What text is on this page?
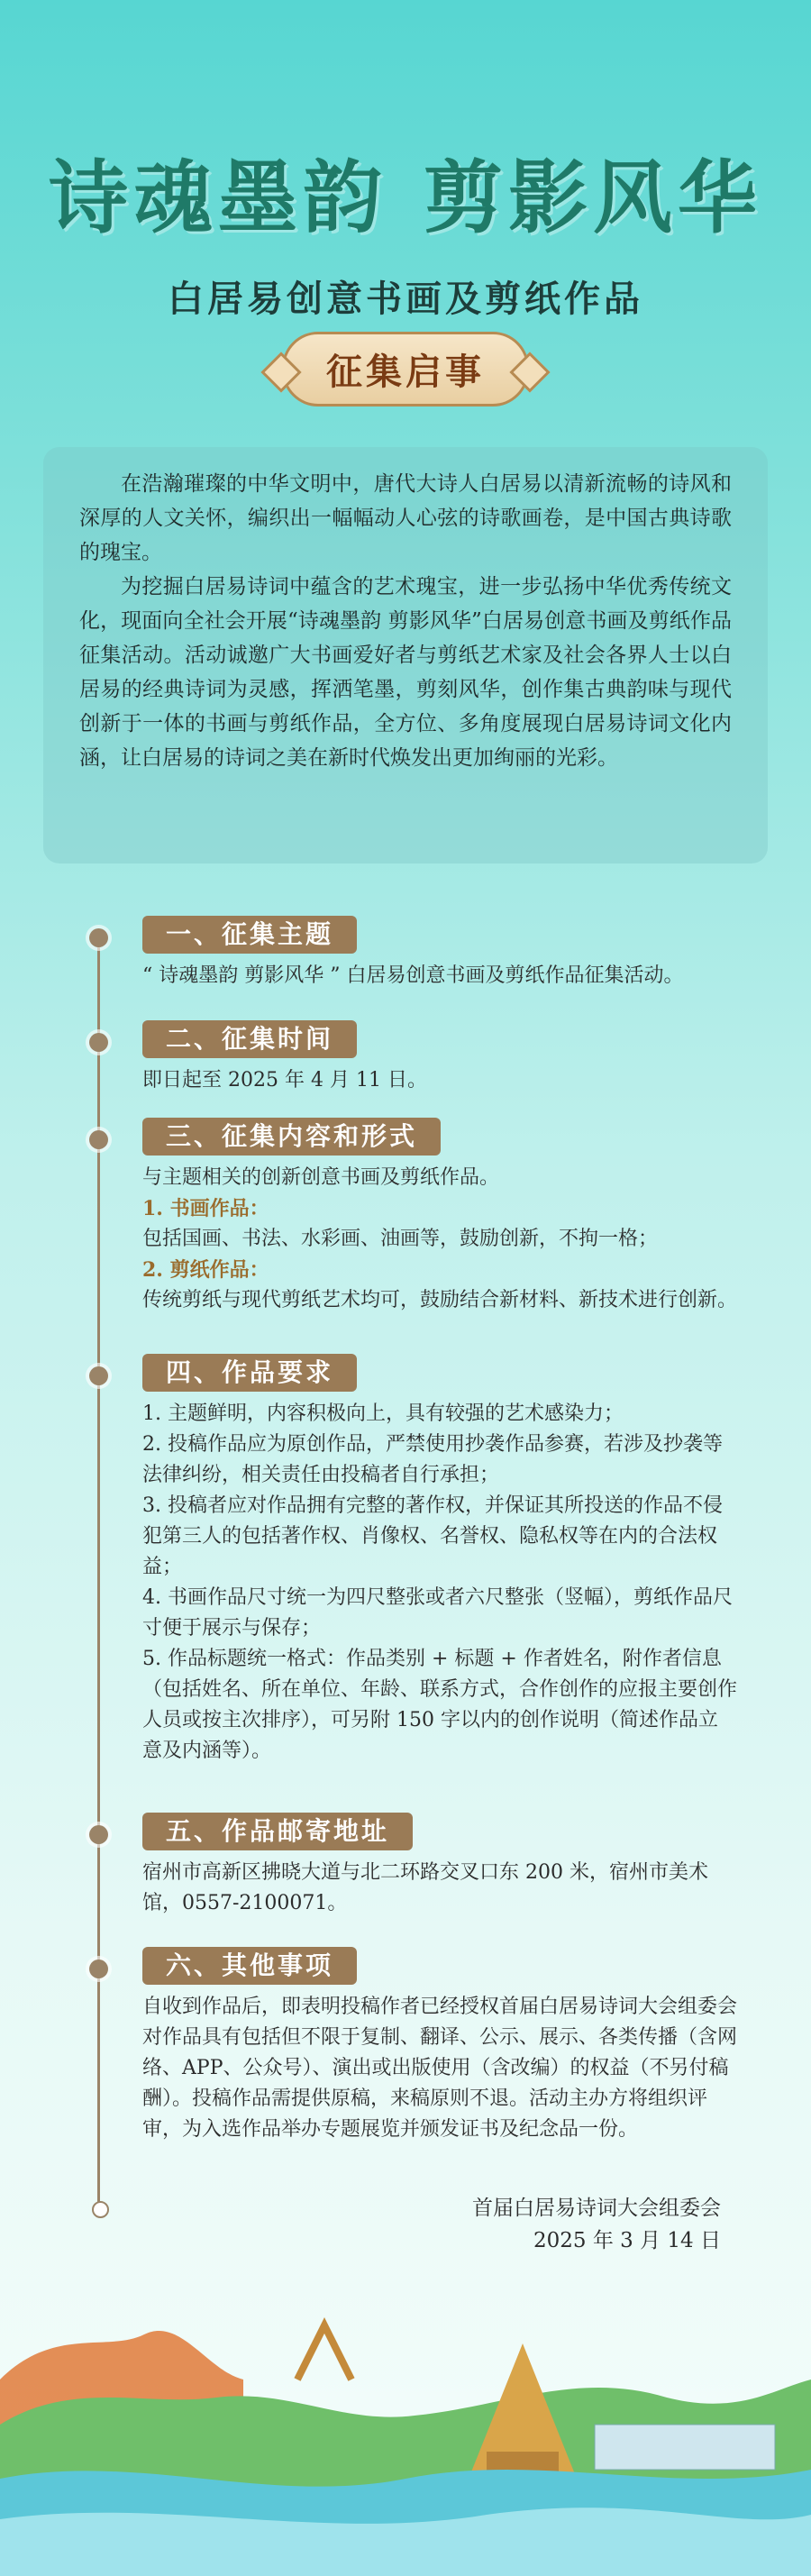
诗魂墨韵 剪影风华
白居易创意书画及剪纸作品
征集启事

在浩瀚璀璨的中华文明中，唐代大诗人白居易以清新流畅的诗风和深厚的人文关怀，编织出一幅幅动人心弦的诗歌画卷，是中国古典诗歌的瑰宝。

为挖掘白居易诗词中蕴含的艺术瑰宝，进一步弘扬中华优秀传统文化，现面向全社会开展“诗魂墨韵 剪影风华”白居易创意书画及剪纸作品征集活动。活动诚邀广大书画爱好者与剪纸艺术家及社会各界人士以白居易的经典诗词为灵感，挥洒笔墨，剪刻风华，创作集古典韵味与现代创新于一体的书画与剪纸作品，全方位、多角度展现白居易诗词文化内涵，让白居易的诗词之美在新时代焕发出更加绚丽的光彩。

一、征集主题

“ 诗魂墨韵 剪影风华 ” 白居易创意书画及剪纸作品征集活动。

二、征集时间

即日起至 2025 年 4 月 11 日。

三、征集内容和形式

与主题相关的创新创意书画及剪纸作品。

1. 书画作品：

包括国画、书法、水彩画、油画等，鼓励创新，不拘一格；

2. 剪纸作品：

传统剪纸与现代剪纸艺术均可，鼓励结合新材料、新技术进行创新。

四、作品要求

1. 主题鲜明，内容积极向上，具有较强的艺术感染力；

2. 投稿作品应为原创作品，严禁使用抄袭作品参赛，若涉及抄袭等法律纠纷，相关责任由投稿者自行承担；

3. 投稿者应对作品拥有完整的著作权，并保证其所投送的作品不侵犯第三人的包括著作权、肖像权、名誉权、隐私权等在内的合法权益；

4. 书画作品尺寸统一为四尺整张或者六尺整张（竖幅），剪纸作品尺寸便于展示与保存；

5. 作品标题统一格式：作品类别 + 标题 + 作者姓名，附作者信息（包括姓名、所在单位、年龄、联系方式，合作创作的应报主要创作人员或按主次排序），可另附 150 字以内的创作说明（简述作品立意及内涵等）。

五、作品邮寄地址

宿州市高新区拂晓大道与北二环路交叉口东 200 米，宿州市美术馆，0557-2100071。

六、其他事项

自收到作品后，即表明投稿作者已经授权首届白居易诗词大会组委会对作品具有包括但不限于复制、翻译、公示、展示、各类传播（含网络、APP、公众号）、演出或出版使用（含改编）的权益（不另付稿酬）。投稿作品需提供原稿，来稿原则不退。活动主办方将组织评审，为入选作品举办专题展览并颁发证书及纪念品一份。

首届白居易诗词大会组委会
2025 年 3 月 14 日
